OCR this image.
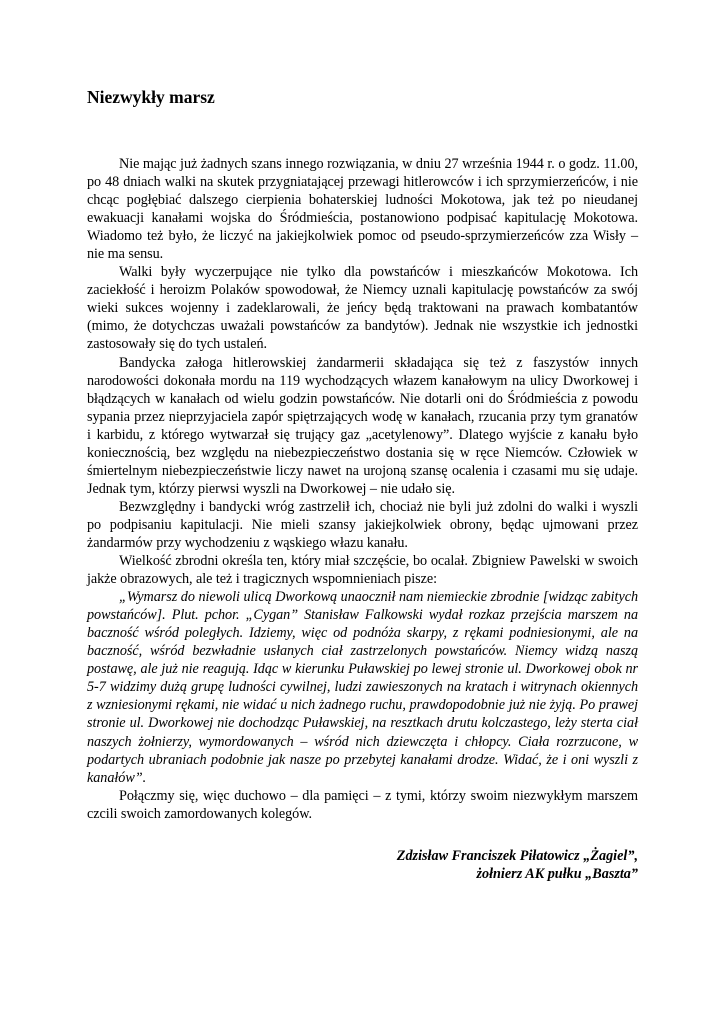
Niezwykły marsz

Nie mając już żadnych szans innego rozwiązania, w dniu 27 września 1944 r. o godz. 11.00, po 48 dniach walki na skutek przygniatającej przewagi hitlerowców i ich sprzymierzeńców, i nie chcąc pogłębiać dalszego cierpienia bohaterskiej ludności Mokotowa, jak też po nieudanej ewakuacji kanałami wojska do Śródmieścia, postanowiono podpisać kapitulację Mokotowa. Wiadomo też było, że liczyć na jakiejkolwiek pomoc od pseudo-sprzymierzeńców zza Wisły – nie ma sensu.

Walki były wyczerpujące nie tylko dla powstańców i mieszkańców Mokotowa. Ich zaciekłość i heroizm Polaków spowodował, że Niemcy uznali kapitulację powstańców za swój wieki sukces wojenny i zadeklarowali, że jeńcy będą traktowani na prawach kombatantów (mimo, że dotychczas uważali powstańców za bandytów). Jednak nie wszystkie ich jednostki zastosowały się do tych ustaleń.

Bandycka załoga hitlerowskiej żandarmerii składająca się też z faszystów innych narodowości dokonała mordu na 119 wychodzących włazem kanałowym na ulicy Dworkowej i błądzących w kanałach od wielu godzin powstańców. Nie dotarli oni do Śródmieścia z powodu sypania przez nieprzyjaciela zapór spiętrzających wodę w kanałach, rzucania przy tym granatów i karbidu, z którego wytwarzał się trujący gaz „acetylenowy”. Dlatego wyjście z kanału było koniecznością, bez względu na niebezpieczeństwo dostania się w ręce Niemców. Człowiek w śmiertelnym niebezpieczeństwie liczy nawet na urojoną szansę ocalenia i czasami mu się udaje. Jednak tym, którzy pierwsi wyszli na Dworkowej – nie udało się.

Bezwzględny i bandycki wróg zastrzelił ich, chociaż nie byli już zdolni do walki i wyszli po podpisaniu kapitulacji. Nie mieli szansy jakiejkolwiek obrony, będąc ujmowani przez żandarmów przy wychodzeniu z wąskiego włazu kanału.

Wielkość zbrodni określa ten, który miał szczęście, bo ocalał. Zbigniew Pawelski w swoich jakże obrazowych, ale też i tragicznych wspomnieniach pisze:

„Wymarsz do niewoli ulicą Dworkową unaocznił nam niemieckie zbrodnie [widząc zabitych powstańców]. Plut. pchor. „Cygan” Stanisław Falkowski wydał rozkaz przejścia marszem na baczność wśród poległych. Idziemy, więc od podnóża skarpy, z rękami podniesionymi, ale na baczność, wśród bezwładnie usłanych ciał zastrzelonych powstańców. Niemcy widzą naszą postawę, ale już nie reagują. Idąc w kierunku Puławskiej po lewej stronie ul. Dworkowej obok nr 5-7 widzimy dużą grupę ludności cywilnej, ludzi zawieszonych na kratach i witrynach okiennych z wzniesionymi rękami, nie widać u nich żadnego ruchu, prawdopodobnie już nie żyją. Po prawej stronie ul. Dworkowej nie dochodząc Puławskiej, na resztkach drutu kolczastego, leży sterta ciał naszych żołnierzy, wymordowanych – wśród nich dziewczęta i chłopcy. Ciała rozrzucone, w podartych ubraniach podobnie jak nasze po przebytej kanałami drodze. Widać, że i oni wyszli z kanałów”.

Połączmy się, więc duchowo – dla pamięci – z tymi, którzy swoim niezwykłym marszem czcili swoich zamordowanych kolegów.

Zdzisław Franciszek Piłatowicz „Żagiel”,
żołnierz AK pułku „Baszta”
